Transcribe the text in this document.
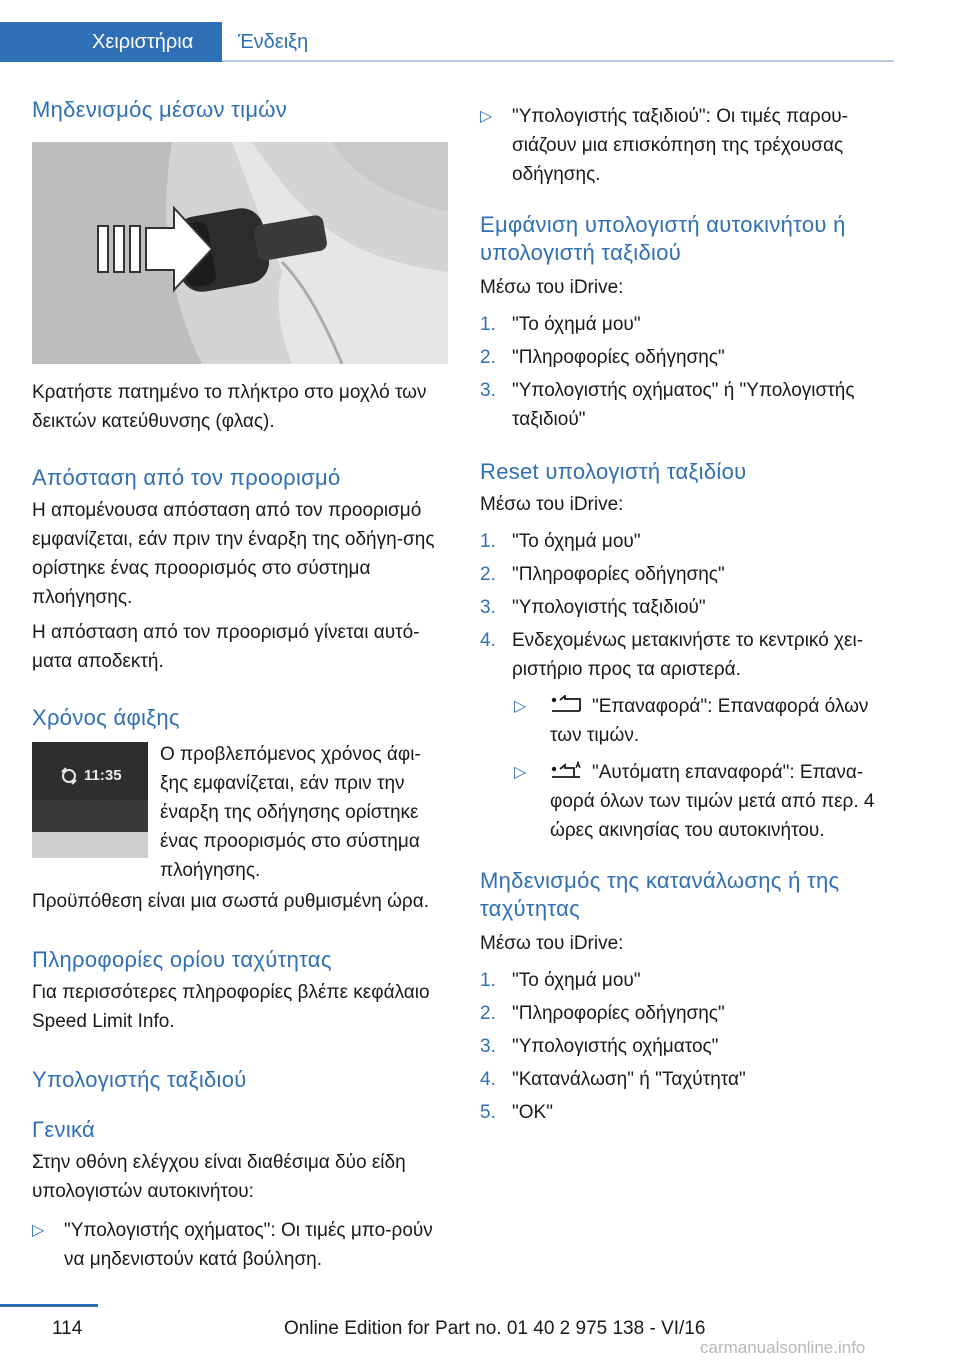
Χειριστήρια	Ένδειξη
Μηδενισμός μέσων τιμών

Κρατήστε πατημένο το πλήκτρο στο μοχλό των δεικτών κατεύθυνσης (φλας).

Απόσταση από τον προορισμό

Η απομένουσα απόσταση από τον προορισμό εμφανίζεται, εάν πριν την έναρξη της οδήγη‐σης ορίστηκε ένας προορισμός στο σύστημα πλοήγησης.

Η απόσταση από τον προορισμό γίνεται αυτό‐ματα αποδεκτή.

Χρόνος άφιξης
11:35

Ο προβλεπόμενος χρόνος άφι‐ξης εμφανίζεται, εάν πριν την έναρξη της οδήγησης ορίστηκε ένας προορισμός στο σύστημα πλοήγησης.

Προϋπόθεση είναι μια σωστά ρυθμισμένη ώρα.

Πληροφορίες ορίου ταχύτητας

Για περισσότερες πληροφορίες βλέπε κεφάλαιο Speed Limit Info.

Υπολογιστής ταξιδιού
Γενικά

Στην οθόνη ελέγχου είναι διαθέσιμα δύο είδη υπολογιστών αυτοκινήτου:

▷ "Υπολογιστής οχήματος": Οι τιμές μπο‐ρούν να μηδενιστούν κατά βούληση.
▷ "Υπολογιστής ταξιδιού": Οι τιμές παρου‐σιάζουν μια επισκόπηση της τρέχουσας οδήγησης.
Εμφάνιση υπολογιστή αυτοκινήτου ή υπολογιστή ταξιδιού

Μέσω του iDrive:

1. "Το όχημά μου"
2. "Πληροφορίες οδήγησης"
3. "Υπολογιστής οχήματος" ή "Υπολογιστής ταξιδιού"
Reset υπολογιστή ταξιδίου

Μέσω του iDrive:

1. "Το όχημά μου"
2. "Πληροφορίες οδήγησης"
3. "Υπολογιστής ταξιδιού"
4. Ενδεχομένως μετακινήστε το κεντρικό χει‐ριστήριο προς τα αριστερά.
▷	"Επαναφορά": Επαναφορά όλων των τιμών.
▷	"Αυτόματη επαναφορά": Επανα‐φορά όλων των τιμών μετά από περ. 4 ώρες ακινησίας του αυτοκινήτου.
Μηδενισμός της κατανάλωσης ή της ταχύτητας

Μέσω του iDrive:

1. "Το όχημά μου"
2. "Πληροφορίες οδήγησης"
3. "Υπολογιστής οχήματος"
4. "Κατανάλωση" ή "Ταχύτητα"
5. "OK"
114	Online Edition for Part no. 01 40 2 975 138 - VI/16
carmanualsonline.info
